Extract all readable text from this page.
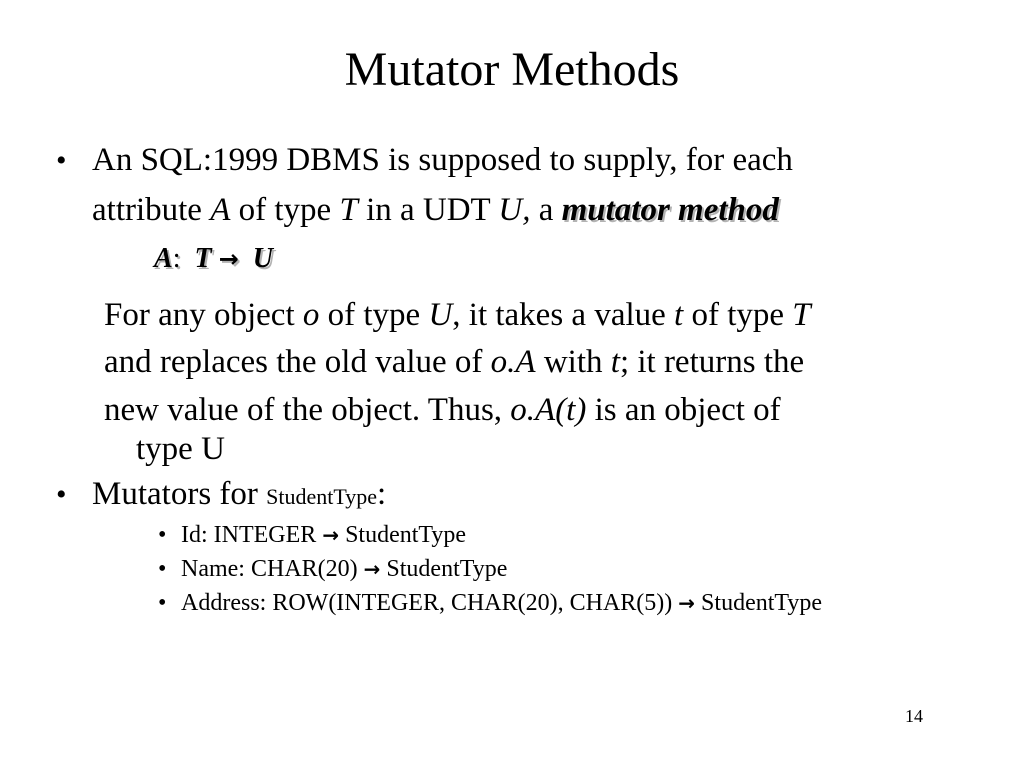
Mutator Methods
• An SQL:1999 DBMS is supposed to supply, for each
attribute A of type T in a UDT U, a mutator method
A: T → U
For any object o of type U, it takes a value t of type T
and replaces the old value of o.A with t; it returns the
new value of the object. Thus, o.A(t) is an object of
type U
• Mutators for StudentType:
• Id: INTEGER → StudentType
• Name: CHAR(20) → StudentType
• Address: ROW(INTEGER, CHAR(20), CHAR(5)) → StudentType
14
